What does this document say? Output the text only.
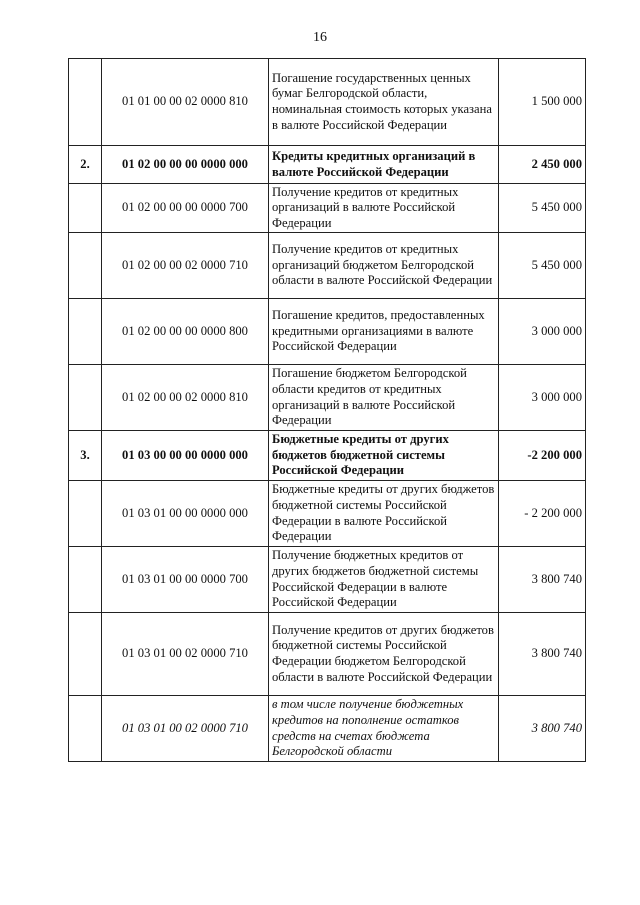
16
	01 01 00 00 02 0000 810	Погашение государственных ценных бумаг Белгородской области, номинальная стоимость которых указана в валюте Российской Федерации	1 500 000
2.	01 02 00 00 00 0000 000	Кредиты кредитных организаций в валюте Российской Федерации	2 450 000
	01 02 00 00 00 0000 700	Получение кредитов от кредитных организаций в валюте Российской Федерации	5 450 000
	01 02 00 00 02 0000 710	Получение кредитов от кредитных организаций бюджетом Белгородской области в валюте Российской Федерации	5 450 000
	01 02 00 00 00 0000 800	Погашение кредитов, предоставленных кредитными организациями в валюте Российской Федерации	3 000 000
	01 02 00 00 02 0000 810	Погашение бюджетом Белгородской области кредитов от кредитных организаций в валюте Российской Федерации	3 000 000
3.	01 03 00 00 00 0000 000	Бюджетные кредиты от других бюджетов бюджетной системы Российской Федерации	-2 200 000
	01 03 01 00 00 0000 000	Бюджетные кредиты от других бюджетов бюджетной системы Российской Федерации в валюте Российской Федерации	- 2 200 000
	01 03 01 00 00 0000 700	Получение бюджетных кредитов от других бюджетов бюджетной системы Российской Федерации в валюте Российской Федерации	3 800 740
	01 03 01 00 02 0000 710	Получение кредитов от других бюджетов бюджетной системы Российской Федерации бюджетом Белгородской области в валюте Российской Федерации	3 800 740
	01 03 01 00 02 0000 710	в том числе получение бюджетных кредитов на пополнение остатков средств на счетах бюджета Белгородской области	3 800 740
